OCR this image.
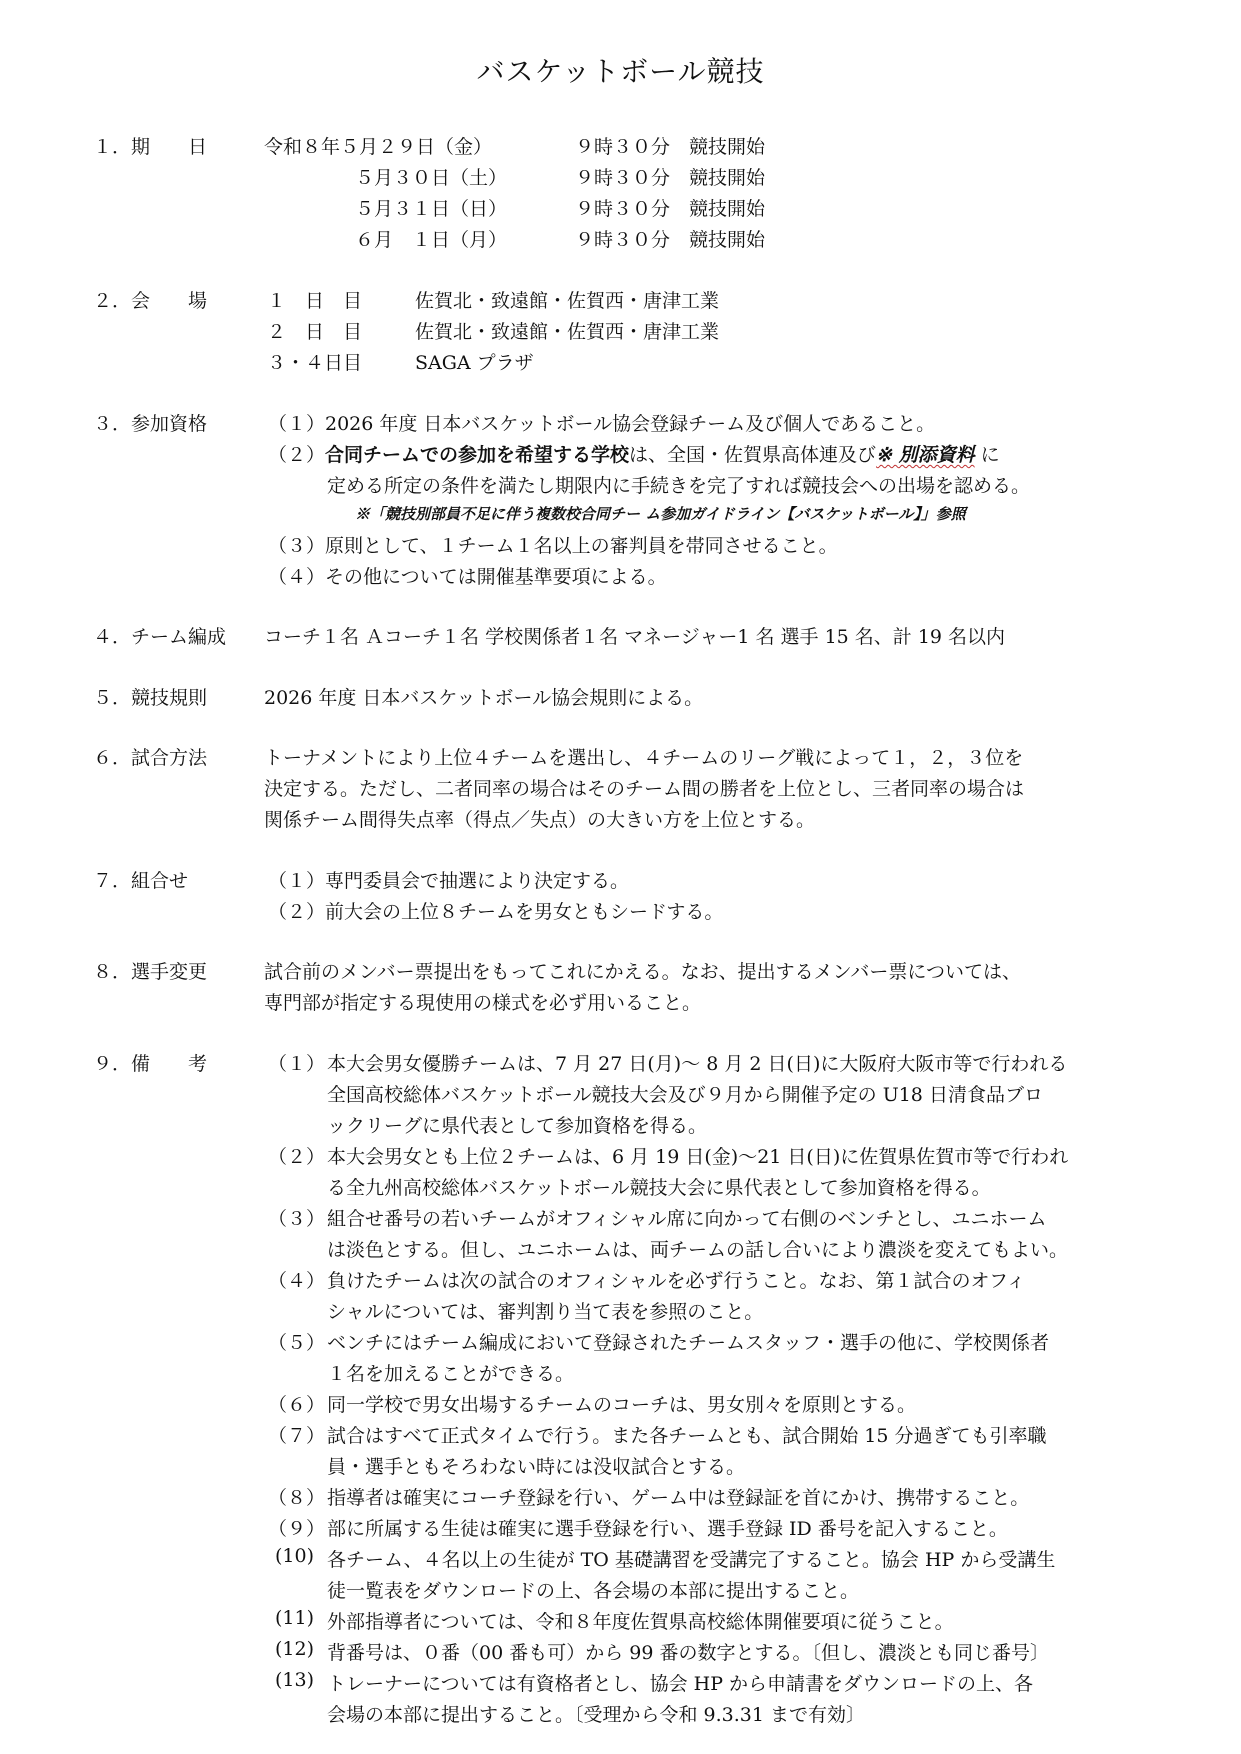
バスケットボール競技
１．期　　日	令和８年５月２９日（金）	９時３０分　競技開始
５月３０日（土）	９時３０分　競技開始
５月３１日（日）	９時３０分　競技開始
６月　１日（月）	９時３０分　競技開始
２．会　　場	１　日　目	佐賀北・致遠館・佐賀西・唐津工業
２　日　目	佐賀北・致遠館・佐賀西・唐津工業
３・４日目	SAGA プラザ
３．参加資格	（１）2026 年度 日本バスケットボール協会登録チーム及び個人であること。
（２）合同チームでの参加を希望する学校は、全国・佐賀県高体連及び※ 別添資料 に
定める所定の条件を満たし期限内に手続きを完了すれば競技会への出場を認める。
※「競技別部員不足に伴う複数校合同チー ム参加ガイドライン【バスケットボール】」参照
（３）原則として、１チーム１名以上の審判員を帯同させること。
（４）その他については開催基準要項による。
４．チーム編成 コーチ１名 Ａコーチ１名 学校関係者１名 マネージャー1 名 選手 15 名、計 19 名以内
５．競技規則	2026 年度 日本バスケットボール協会規則による。
６．試合方法	トーナメントにより上位４チームを選出し、４チームのリーグ戦によって１，２，３位を
決定する。ただし、二者同率の場合はそのチーム間の勝者を上位とし、三者同率の場合は
関係チーム間得失点率（得点／失点）の大きい方を上位とする。
７．組合せ	（１）専門委員会で抽選により決定する。
（２）前大会の上位８チームを男女ともシードする。
８．選手変更	試合前のメンバー票提出をもってこれにかえる。なお、提出するメンバー票については、
専門部が指定する現使用の様式を必ず用いること。
９．備　　考	（１） 本大会男女優勝チームは、7 月 27 日(月)～ 8 月 2 日(日)に大阪府大阪市等で行われる
全国高校総体バスケットボール競技大会及び９月から開催予定の U18 日清食品ブロ
ックリーグに県代表として参加資格を得る。
（２） 本大会男女とも上位２チームは、6 月 19 日(金)～21 日(日)に佐賀県佐賀市等で行われ
る全九州高校総体バスケットボール競技大会に県代表として参加資格を得る。
（３） 組合せ番号の若いチームがオフィシャル席に向かって右側のベンチとし、ユニホーム
は淡色とする。但し、ユニホームは、両チームの話し合いにより濃淡を変えてもよい。
（４） 負けたチームは次の試合のオフィシャルを必ず行うこと。なお、第１試合のオフィ
シャルについては、審判割り当て表を参照のこと。
（５） ベンチにはチーム編成において登録されたチームスタッフ・選手の他に、学校関係者
１名を加えることができる。
（６） 同一学校で男女出場するチームのコーチは、男女別々を原則とする。
（７） 試合はすべて正式タイムで行う。また各チームとも、試合開始 15 分過ぎても引率職
員・選手ともそろわない時には没収試合とする。
（８） 指導者は確実にコーチ登録を行い、ゲーム中は登録証を首にかけ、携帯すること。
（９） 部に所属する生徒は確実に選手登録を行い、選手登録 ID 番号を記入すること。
(10) 各チーム、４名以上の生徒が TO 基礎講習を受講完了すること。協会 HP から受講生
徒一覧表をダウンロードの上、各会場の本部に提出すること。
(11) 外部指導者については、令和８年度佐賀県高校総体開催要項に従うこと。
(12) 背番号は、０番（00 番も可）から 99 番の数字とする。〔但し、濃淡とも同じ番号〕
(13) トレーナーについては有資格者とし、協会 HP から申請書をダウンロードの上、各
会場の本部に提出すること。〔受理から令和 9.3.31 まで有効〕
